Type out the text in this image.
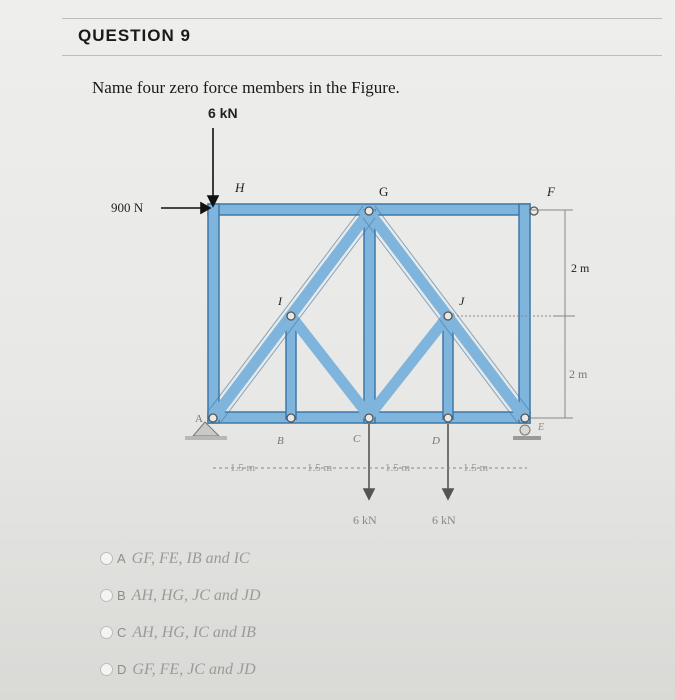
QUESTION 9
Name four zero force members in the Figure.
6 kN
900 N
H	G	F
I	J
A
B	C	D
E
2 m
2 m
1.5 m	1.5 m	1.5 m	1.5 m
6 kN	6 kN
A GF, FE, IB and IC
B AH, HG, JC and JD
C AH, HG, IC and IB
D GF, FE, JC and JD
